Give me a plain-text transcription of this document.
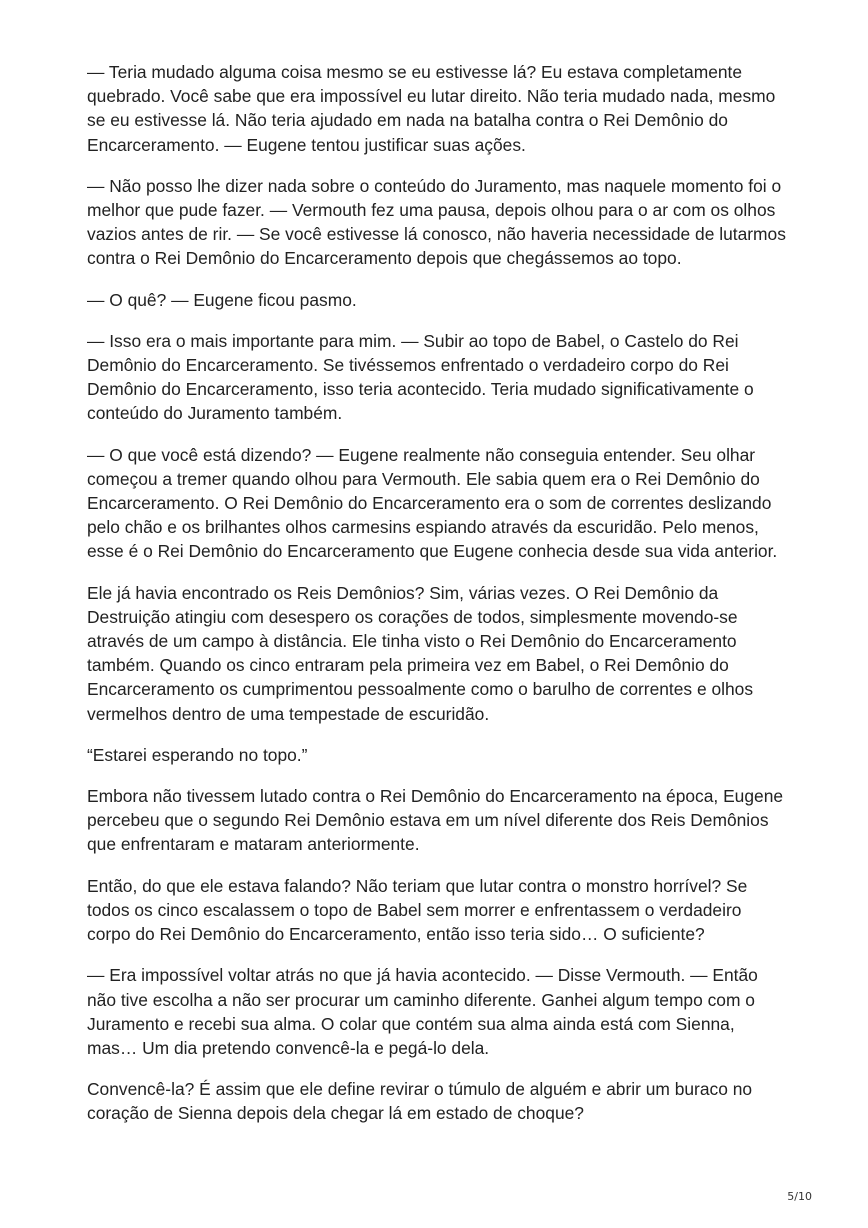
— Teria mudado alguma coisa mesmo se eu estivesse lá? Eu estava completamente quebrado. Você sabe que era impossível eu lutar direito. Não teria mudado nada, mesmo se eu estivesse lá. Não teria ajudado em nada na batalha contra o Rei Demônio do Encarceramento. — Eugene tentou justificar suas ações.

— Não posso lhe dizer nada sobre o conteúdo do Juramento, mas naquele momento foi o melhor que pude fazer. — Vermouth fez uma pausa, depois olhou para o ar com os olhos vazios antes de rir. — Se você estivesse lá conosco, não haveria necessidade de lutarmos contra o Rei Demônio do Encarceramento depois que chegássemos ao topo.

— O quê? — Eugene ficou pasmo.

— Isso era o mais importante para mim. — Subir ao topo de Babel, o Castelo do Rei Demônio do Encarceramento. Se tivéssemos enfrentado o verdadeiro corpo do Rei Demônio do Encarceramento, isso teria acontecido. Teria mudado significativamente o conteúdo do Juramento também.

— O que você está dizendo? — Eugene realmente não conseguia entender. Seu olhar começou a tremer quando olhou para Vermouth. Ele sabia quem era o Rei Demônio do Encarceramento. O Rei Demônio do Encarceramento era o som de correntes deslizando pelo chão e os brilhantes olhos carmesins espiando através da escuridão. Pelo menos, esse é o Rei Demônio do Encarceramento que Eugene conhecia desde sua vida anterior.

Ele já havia encontrado os Reis Demônios? Sim, várias vezes. O Rei Demônio da Destruição atingiu com desespero os corações de todos, simplesmente movendo-se através de um campo à distância. Ele tinha visto o Rei Demônio do Encarceramento também. Quando os cinco entraram pela primeira vez em Babel, o Rei Demônio do Encarceramento os cumprimentou pessoalmente como o barulho de correntes e olhos vermelhos dentro de uma tempestade de escuridão.

“Estarei esperando no topo.”

Embora não tivessem lutado contra o Rei Demônio do Encarceramento na época, Eugene percebeu que o segundo Rei Demônio estava em um nível diferente dos Reis Demônios que enfrentaram e mataram anteriormente.

Então, do que ele estava falando? Não teriam que lutar contra o monstro horrível? Se todos os cinco escalassem o topo de Babel sem morrer e enfrentassem o verdadeiro corpo do Rei Demônio do Encarceramento, então isso teria sido… O suficiente?

— Era impossível voltar atrás no que já havia acontecido. — Disse Vermouth. — Então não tive escolha a não ser procurar um caminho diferente. Ganhei algum tempo com o Juramento e recebi sua alma. O colar que contém sua alma ainda está com Sienna, mas… Um dia pretendo convencê-la e pegá-lo dela.

Convencê-la? É assim que ele define revirar o túmulo de alguém e abrir um buraco no coração de Sienna depois dela chegar lá em estado de choque?

5/10
